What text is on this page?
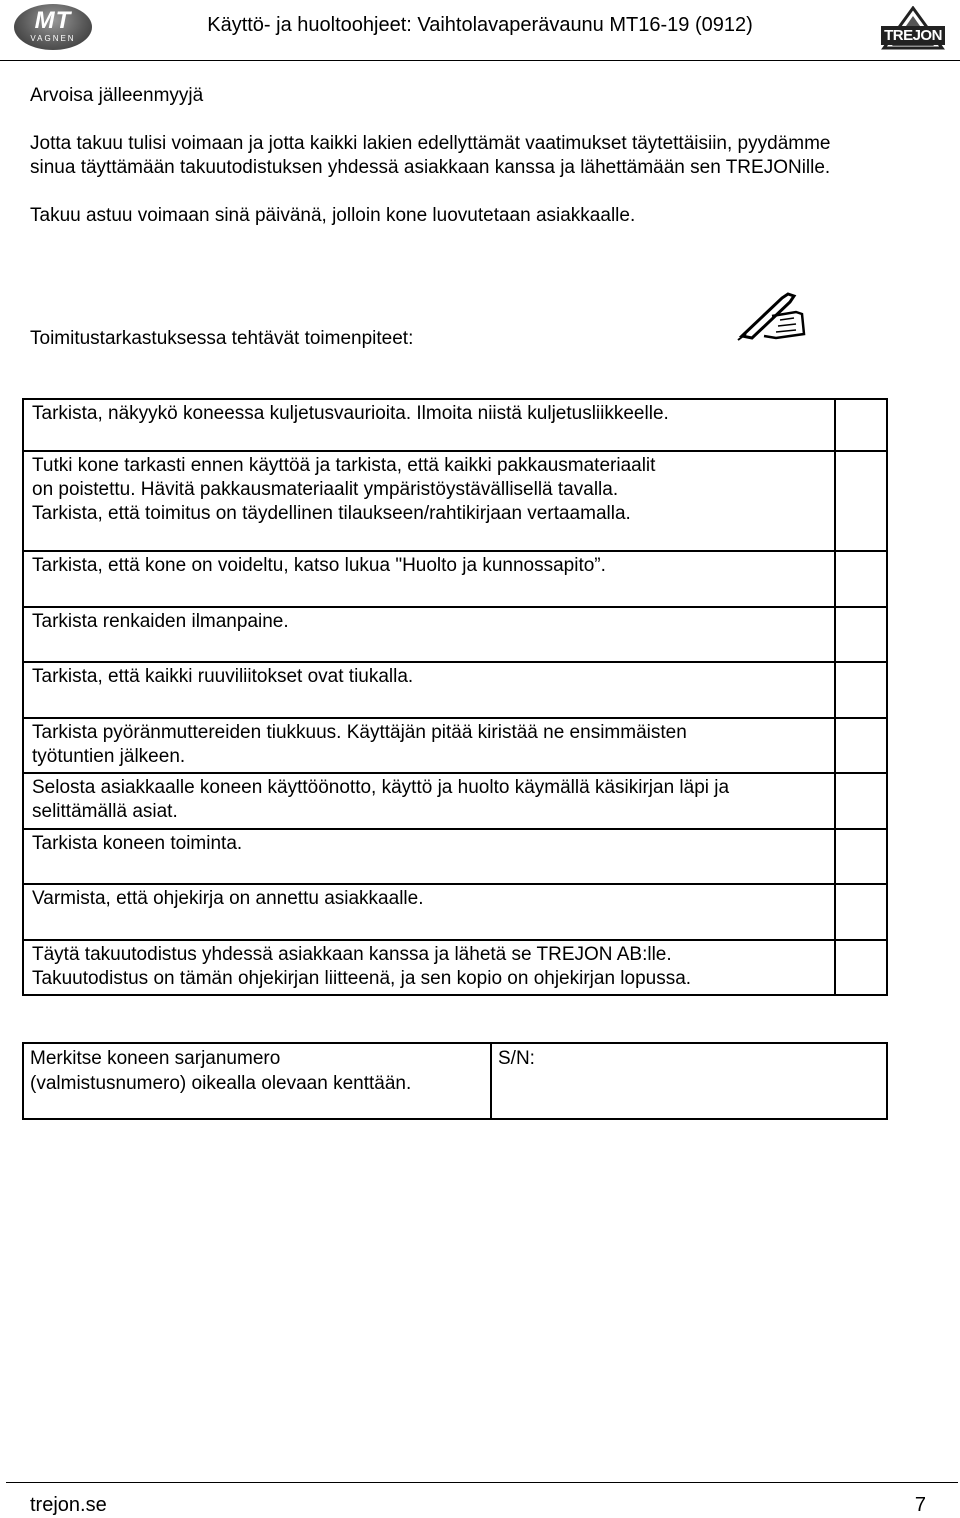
MT
VAGNEN
Käyttö- ja huoltoohjeet: Vaihtolavaperävaunu MT16-19 (0912)	TREJON
Arvoisa jälleenmyyjä
Jotta takuu tulisi voimaan ja jotta kaikki lakien edellyttämät vaatimukset täytettäisiin, pyydämme
sinua täyttämään takuutodistuksen yhdessä asiakkaan kanssa ja lähettämään sen TREJONille.
Takuu astuu voimaan sinä päivänä, jolloin kone luovutetaan asiakkaalle.
Toimitustarkastuksessa tehtävät toimenpiteet:
Tarkista, näkyykö koneessa kuljetusvaurioita. Ilmoita niistä kuljetusliikkeelle.	

Tutki kone tarkasti ennen käyttöä ja tarkista, että kaikki pakkausmateriaalit
on poistettu. Hävitä pakkausmateriaalit ympäristöystävällisellä tavalla.
Tarkista, että toimitus on täydellinen tilaukseen/rahtikirjaan vertaamalla.	

Tarkista, että kone on voideltu, katso lukua "Huolto ja kunnossapito”.	

Tarkista renkaiden ilmanpaine.	

Tarkista, että kaikki ruuviliitokset ovat tiukalla.	

Tarkista pyöränmuttereiden tiukkuus. Käyttäjän pitää kiristää ne ensimmäisten
työtuntien jälkeen.	

Selosta asiakkaalle koneen käyttöönotto, käyttö ja huolto käymällä käsikirjan läpi ja
selittämällä asiat.	

Tarkista koneen toiminta.	

Varmista, että ohjekirja on annettu asiakkaalle.	

Täytä takuutodistus yhdessä asiakkaan kanssa ja lähetä se TREJON AB:lle.
Takuutodistus on tämän ohjekirjan liitteenä, ja sen kopio on ohjekirjan lopussa.	

Merkitse koneen sarjanumero
(valmistusnumero) oikealla olevaan kenttään.
	S/N:
trejon.se	7
